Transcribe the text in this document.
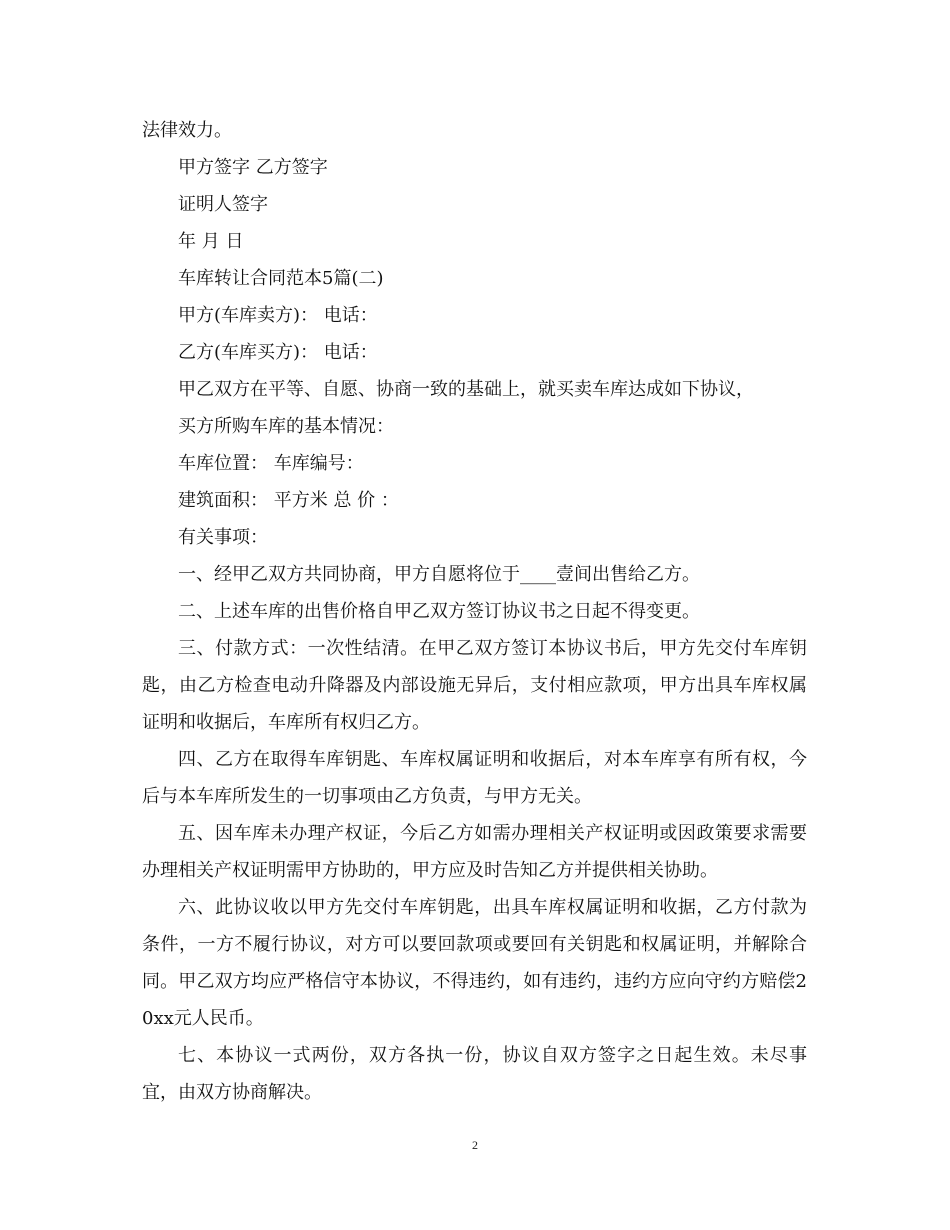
法律效力。

甲方签字 乙方签字

证明人签字

年 月 日

车库转让合同范本5篇(二)

甲方(车库卖方)： 电话：

乙方(车库买方)： 电话：

甲乙双方在平等、自愿、协商一致的基础上，就买卖车库达成如下协议，

买方所购车库的基本情况：

车库位置： 车库编号：

建筑面积： 平方米 总 价 ：

有关事项：

一、经甲乙双方共同协商，甲方自愿将位于____壹间出售给乙方。

二、上述车库的出售价格自甲乙双方签订协议书之日起不得变更。

三、付款方式：一次性结清。在甲乙双方签订本协议书后，甲方先交付车库钥匙，由乙方检查电动升降器及内部设施无异后，支付相应款项，甲方出具车库权属证明和收据后，车库所有权归乙方。

四、乙方在取得车库钥匙、车库权属证明和收据后，对本车库享有所有权，今后与本车库所发生的一切事项由乙方负责，与甲方无关。

五、因车库未办理产权证，今后乙方如需办理相关产权证明或因政策要求需要办理相关产权证明需甲方协助的，甲方应及时告知乙方并提供相关协助。

六、此协议收以甲方先交付车库钥匙，出具车库权属证明和收据，乙方付款为条件，一方不履行协议，对方可以要回款项或要回有关钥匙和权属证明，并解除合同。甲乙双方均应严格信守本协议，不得违约，如有违约，违约方应向守约方赔偿20xx元人民币。

七、本协议一式两份，双方各执一份，协议自双方签字之日起生效。未尽事宜，由双方协商解决。

2
